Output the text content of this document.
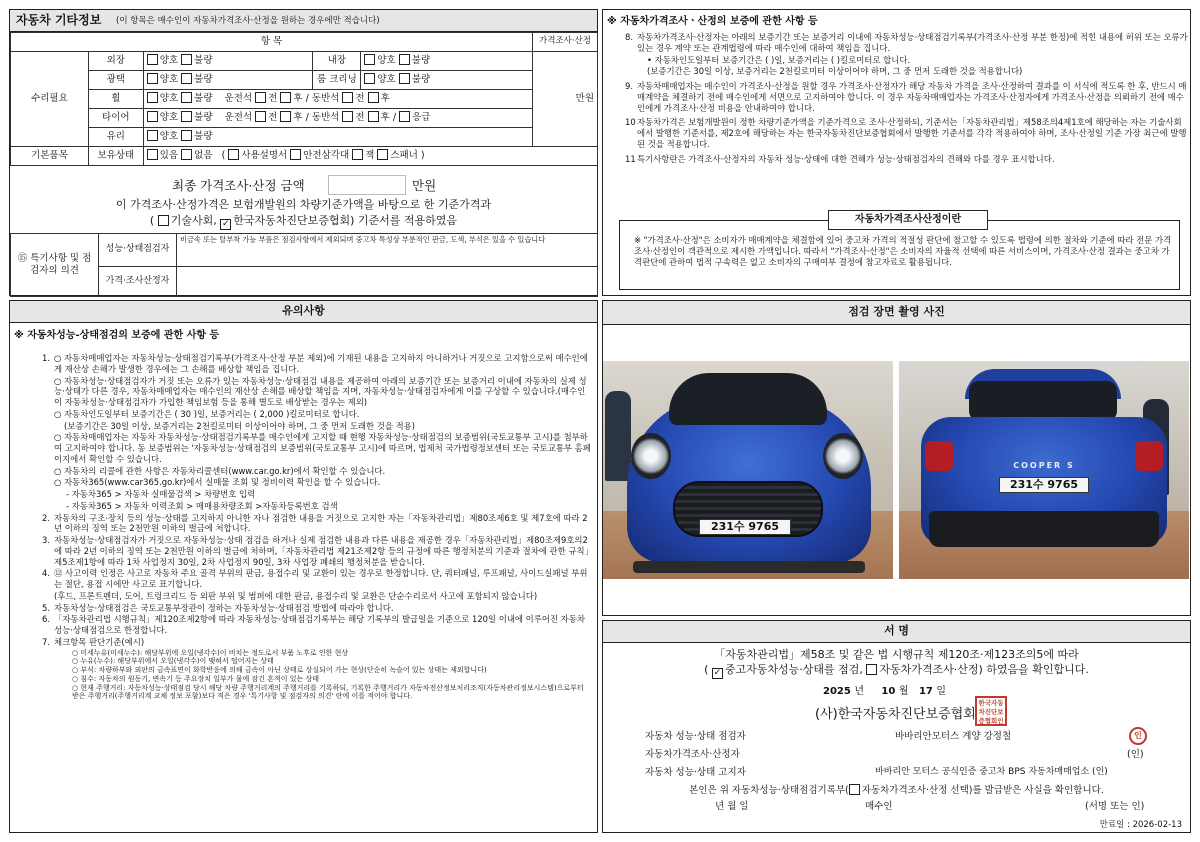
자동차 기타정보 (이 항목은 매수인이 자동차가격조사·산정을 원하는 경우에만 적습니다)
항 목					가격조사·산정
수리필요	외장	양호 불량	내장	양호 불량	만원
	광택	양호 불량	룸 크리닝	양호 불량	
	휠	양호 불량 운전석 전 후 / 동반석 전 후			
	타이어	양호 불량 운전석 전 후 / 동반석 전 후 / 응급			
	유리	양호 불량			
기본품목	보유상태	있음 없음   ( 사용설명서 안전삼각대 잭 스패너 )			
최종 가격조사·산정 금액	만원
이 가격조사·산정가격은 보험개발원의 차량기준가액을 바탕으로 한 기준가격과
( 기술사회, ✓ 한국자동차진단보증협회) 기준서를 적용하였음
⑮ 특기사항 및 점검자의 의견	성능·상태점검자	비금속 또는 탈부착 가능 부품은 점검사항에서 제외되며 중고차 특성상 부분적인 판금, 도색, 부식은 있을 수 있습니다
	가격·조사산정자	
※ 자동차가격조사ㆍ산정의 보증에 관한 사항 등
8. 자동차가격조사·산정자는 아래의 보증기간 또는 보증거리 이내에 자동차성능·상태점검기록부(가격조사·산정 부분 한정)에 적힌 내용에 허위 또는 오류가 있는 경우 계약 또는 관계법령에 따라 매수인에 대하여 책임을 집니다.
• 자동차인도일부터 보증기간은 ( )일, 보증거리는 ( )킬로미터로 합니다.
(보증기간은 30일 이상, 보증거리는 2천킬로미터 이상이어야 하며, 그 중 먼저 도래한 것을 적용합니다)
9. 자동차매매업자는 매수인이 가격조사·산정을 원할 경우 가격조사·산정자가 해당 자동차 가격을 조사·산정하여 결과를 이 서식에 적도록 한 후, 반드시 매매계약을 체결하기 전에 매수인에게 서면으로 고지하여야 합니다. 이 경우 자동차매매업자는 가격조사·산정자에게 가격조사·산정을 의뢰하기 전에 매수인에게 가격조사·산정 비용을 안내하여야 합니다.
10 자동차가격은 보험개발원이 정한 차량기준가액을 기준가격으로 조사·산정하되, 기준서는「자동차관리법」제58조의4제1호에 해당하는 자는 기술사회에서 발행한 기준서를, 제2호에 해당하는 자는 한국자동차진단보증협회에서 발행한 기준서를 각각 적용하여야 하며, 조사·산정일 기준 가장 최근에 발행된 것을 적용합니다.
11 특기사항란은 가격조사·산정자의 자동차 성능·상태에 대한 견해가 성능·상태점검자의 견해와 다를 경우 표시합니다.
자동차가격조사산정이란
※ "가격조사·산정"은 소비자가 매매계약을 체결함에 있어 중고차 가격의 적절성 판단에 참고할 수 있도록 법령에 의한 절차와 기준에 따라 전문 가격조사·산정인이 객관적으로 제시한 가액입니다. 따라서 "가격조사·산정"은 소비자의 자율적 선택에 따른 서비스이며, 가격조사·산정 결과는 중고차 가격판단에 관하여 법적 구속력은 없고 소비자의 구매여부 결정에 참고자료로 활용됩니다.
유의사항
※ 자동차성능-상태점검의 보증에 관한 사항 등
1. ○ 자동차매매업자는 자동차성능·상태점검기록부(가격조사·산정 부분 제외)에 기재된 내용을 고지하지 아니하거나 거짓으로 고지함으로써 매수인에게 재산상 손해가 발생한 경우에는 그 손해를 배상할 책임을 집니다.
○ 자동차성능·상태점검자가 거짓 또는 오류가 있는 자동차성능·상태점검 내용을 제공하여 아래의 보증기간 또는 보증거리 이내에 자동차의 실제 성능·상태가 다른 경우, 자동차매매업자는 매수인의 재산상 손해를 배상할 책임을 지며, 자동차성능·상태점검자에게 이를 구상할 수 있습니다.(매수인이 자동차성능·상태점검자가 가입한 책임보험 등을 통해 별도로 배상받는 경우는 제외)
○ 자동차인도일부터 보증기간은 ( 30 )일, 보증거리는 ( 2,000 )킬로미터로 합니다.
(보증기간은 30일 이상, 보증거리는 2천킬로미터 이상이어야 하며, 그 중 먼저 도래한 것을 적용)
○ 자동차매매업자는 자동차 자동차성능·상태점검기록부를 매수인에게 고지할 때 현행 자동차성능·상태점검의 보증범위(국토교통부 고시)를 첨부하여 고지하여야 합니다. 동 보증범위는 '자동차성능·상태점검의 보증범위(국토교통부 고시)에 따르며, 법제처 국가법령정보센터 또는 국토교통부 홈페이지에서 확인할 수 있습니다.
○ 자동차의 리콜에 관한 사항은 자동차리콜센터(www.car.go.kr)에서 확인할 수 있습니다.
○ 자동차365(www.car365.go.kr)에서 실매물 조회 및 정비이력 확인을 할 수 있습니다.
- 자동차365 > 자동차 실매물검색 > 차량번호 입력
- 자동차365 > 자동차 이력조회 > 매매용차량조회 >자동차등록번호 검색
2. 자동차의 구조·장치 등의 성능·상태를 고지하지 아니한 자나 점검한 내용을 거짓으로 고지한 자는「자동차관리법」제80조제6호 및 제7호에 따라 2년 이하의 징역 또는 2천만원 이하의 벌금에 처합니다.
3. 자동차성능·상태점검자가 거짓으로 자동차성능·상태 점검을 하거나 실제 점검한 내용과 다른 내용을 제공한 경우「자동차관리법」제80조제9호의2에 따라 2년 이하의 징역 또는 2천만원 이하의 벌금에 처하며,「자동차관리법 제21조제2항 등의 규정에 따른 행정처분의 기준과 절차에 관한 규칙」제5조제1항에 따라 1차 사업정지 30일, 2차 사업정지 90일, 3차 사업장 폐쇄의 행정처분을 받습니다.
4. ⑫ 사고이력 인정은 사고로 자동차 주요 골격 부위의 판금, 용접수리 및 교환이 있는 경우로 한정합니다. 단, 쿼터패널, 루프패널, 사이드실패널 부위는 절단, 용접 시에만 사고로 표기합니다.
(후드, 프론트펜더, 도어, 트렁크리드 등 외판 부위 및 범퍼에 대한 판금, 용접수리 및 교환은 단순수리로서 사고에 포함되지 않습니다)
5. 자동차성능·상태점검은 국토교통부장관이 정하는 자동차성능·상태점검 방법에 따라야 합니다.
6. 「자동차관리법 시행규칙」제120조제2항에 따라 자동차성능·상태점검기록부는 해당 기록부의 발급일을 기준으로 120일 이내에 이루어진 자동차 성능·상태점검으로 한정합니다.
7. 체크항목 판단기준(예시)
○ 미세누유(미세누수): 해당부위에 오일(냉각수)이 비치는 정도로서 부품 노후로 인한 현상
○ 누유(누수): 해당부위에서 오일(냉각수)이 맺혀서 떨어지는 상태
○ 부식: 차량하부와 외판의 금속표면이 화학반응에 의해 금속이 아닌 상태로 상실되어 가는 현상(단순히 녹슬어 있는 상태는 제외합니다)
○ 침수: 자동차의 원동기, 변속기 등 주요장치 일부가 물에 잠긴 흔적이 있는 상태
○ 현재 주행거리: 자동차성능·상태점검 당시 해당 차량 주행거리계의 주행거리를 기록하되, 기록한 주행거리가 자동차전산정보처리조직(자동차관리정보시스템)으로부터 받은 주행거리(주행거리계 교체 정보 포함)보다 적은 경우 '특기사항 및 점검자의 의견' 란에 이를 적어야 합니다.
점검 장면 촬영 사진
231수 9765
COOPER S
231수 9765
서 명
「자동차관리법」제58조 및 같은 법 시행규칙 제120조·제123조의5에 따라
( ✓ 중고자동차성능·상태를 점검, 자동차가격조사·산정) 하였음을 확인합니다.
2025 년 10 월 17 일
(사)한국자동차진단보증협회
한국자동차진단보증협회인
자동차 성능·상태 점검자	바바리안모터스 계양 강정철	인
자동차가격조사·산정자	(인)
자동차 성능·상태 고지자	바바리안 모터스 공식인증 중고차 BPS 자동차매매업소 (인)
본인은 위 자동차성능·상태점검기록부( 자동차가격조사·산정 선택)를 발급받은 사실을 확인합니다.
년 월 일	매수인	(서명 또는 인)
만료일 : 2026-02-13
